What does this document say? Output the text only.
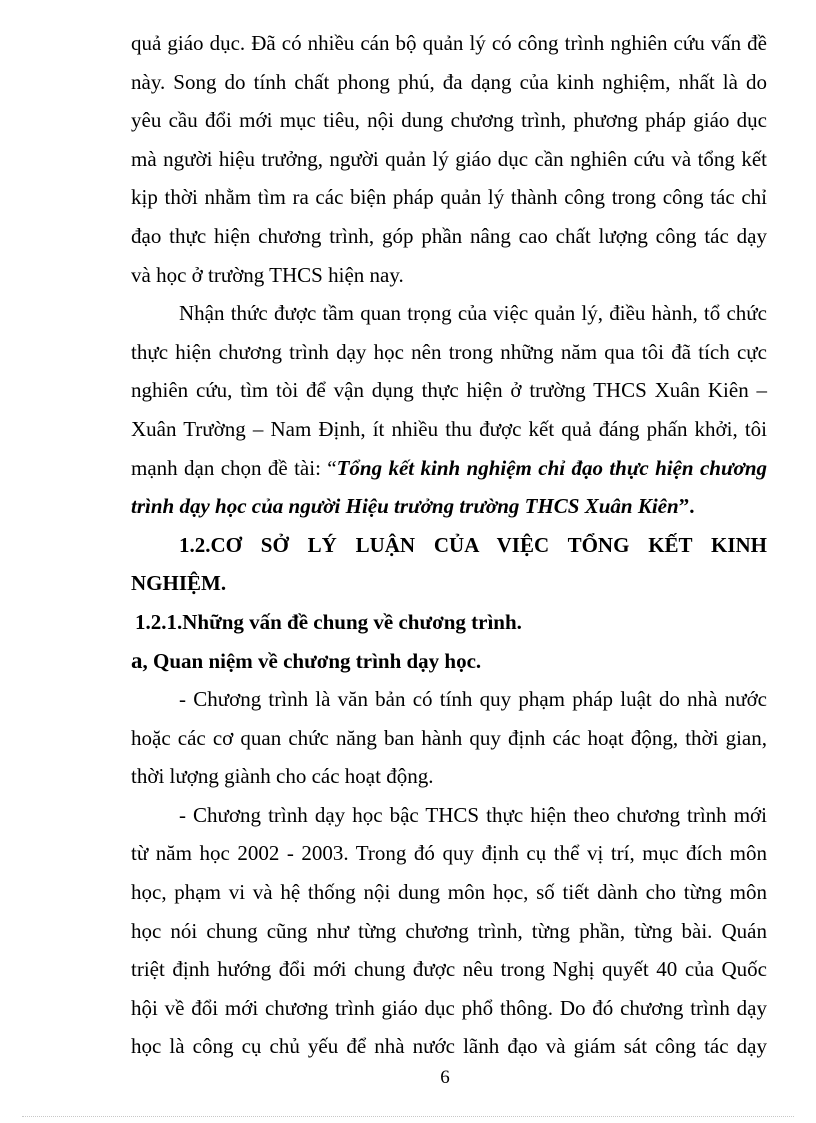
quả giáo dục. Đã có nhiều cán bộ quản lý có công trình nghiên cứu vấn đề

này. Song do tính chất phong phú, đa dạng của kinh nghiệm, nhất là do

yêu cầu đổi mới mục tiêu, nội dung chương trình, phương pháp giáo dục

mà người hiệu trưởng, người quản lý giáo dục cần nghiên cứu và tổng kết

kịp thời nhằm tìm ra các biện pháp quản lý thành công trong công tác chỉ

đạo thực hiện chương trình, góp phần nâng cao chất lượng công tác dạy

và học ở trường THCS hiện nay.

Nhận thức được tầm quan trọng của việc quản lý, điều hành, tổ chức

thực hiện chương trình dạy học nên trong những năm qua tôi đã tích cực

nghiên cứu, tìm tòi để vận dụng thực hiện ở trường THCS Xuân Kiên –

Xuân Trường – Nam Định, ít nhiều thu được kết quả đáng phấn khởi, tôi

mạnh dạn chọn đề tài: “Tổng kết kinh nghiệm chỉ đạo thực hiện chương

trình dạy học của người Hiệu trưởng trường THCS Xuân Kiên”.

1.2.CƠ SỞ LÝ LUẬN CỦA VIỆC TỔNG KẾT KINH

NGHIỆM.

1.2.1.Những vấn đề chung về chương trình.

a, Quan niệm về chương trình dạy học.

- Chương trình là văn bản có tính quy phạm pháp luật do nhà nước

hoặc các cơ quan chức năng ban hành quy định các hoạt động, thời gian,

thời lượng giành cho các hoạt động.

- Chương trình dạy học bậc THCS thực hiện theo chương trình mới

từ năm học 2002 - 2003. Trong đó quy định cụ thể vị trí, mục đích môn

học, phạm vi và hệ thống nội dung môn học, số tiết dành cho từng môn

học nói chung cũng như từng chương trình, từng phần, từng bài. Quán

triệt định hướng đổi mới chung được nêu trong Nghị quyết 40 của Quốc

hội về đổi mới chương trình giáo dục phổ thông. Do đó chương trình dạy

học là công cụ chủ yếu để nhà nước lãnh đạo và giám sát công tác dạy

6
